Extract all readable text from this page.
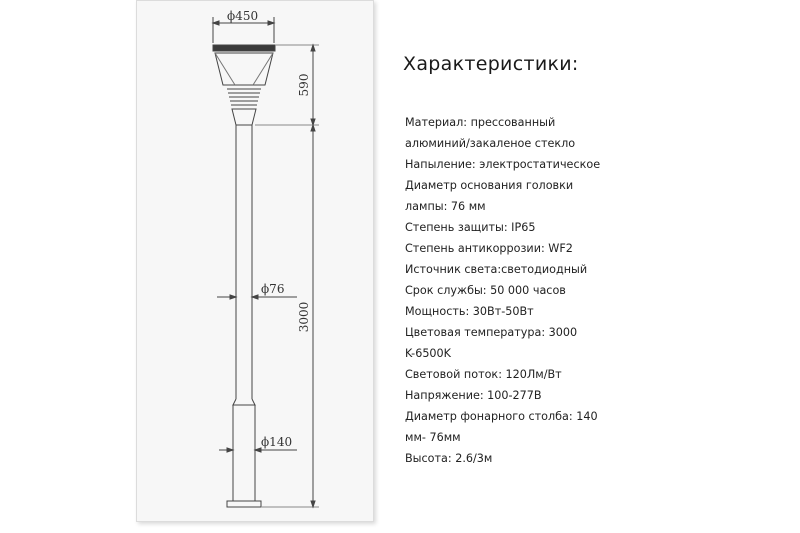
ϕ450
590
ϕ76
3000
ϕ140
Характеристики:
Материал: прессованный
алюминий/закаленое стекло
Напыление: электростатическое
Диаметр основания головки
лампы: 76 мм
Степень защиты: IP65
Степень антикоррозии: WF2
Источник света:светодиодный
Срок службы: 50 000 часов
Мощность: 30Вт-50Вт
Цветовая температура: 3000
K-6500K
Световой поток: 120Лм/Вт
Напряжение: 100-277В
Диаметр фонарного столба: 140
мм- 76мм
Высота: 2.6/3м
